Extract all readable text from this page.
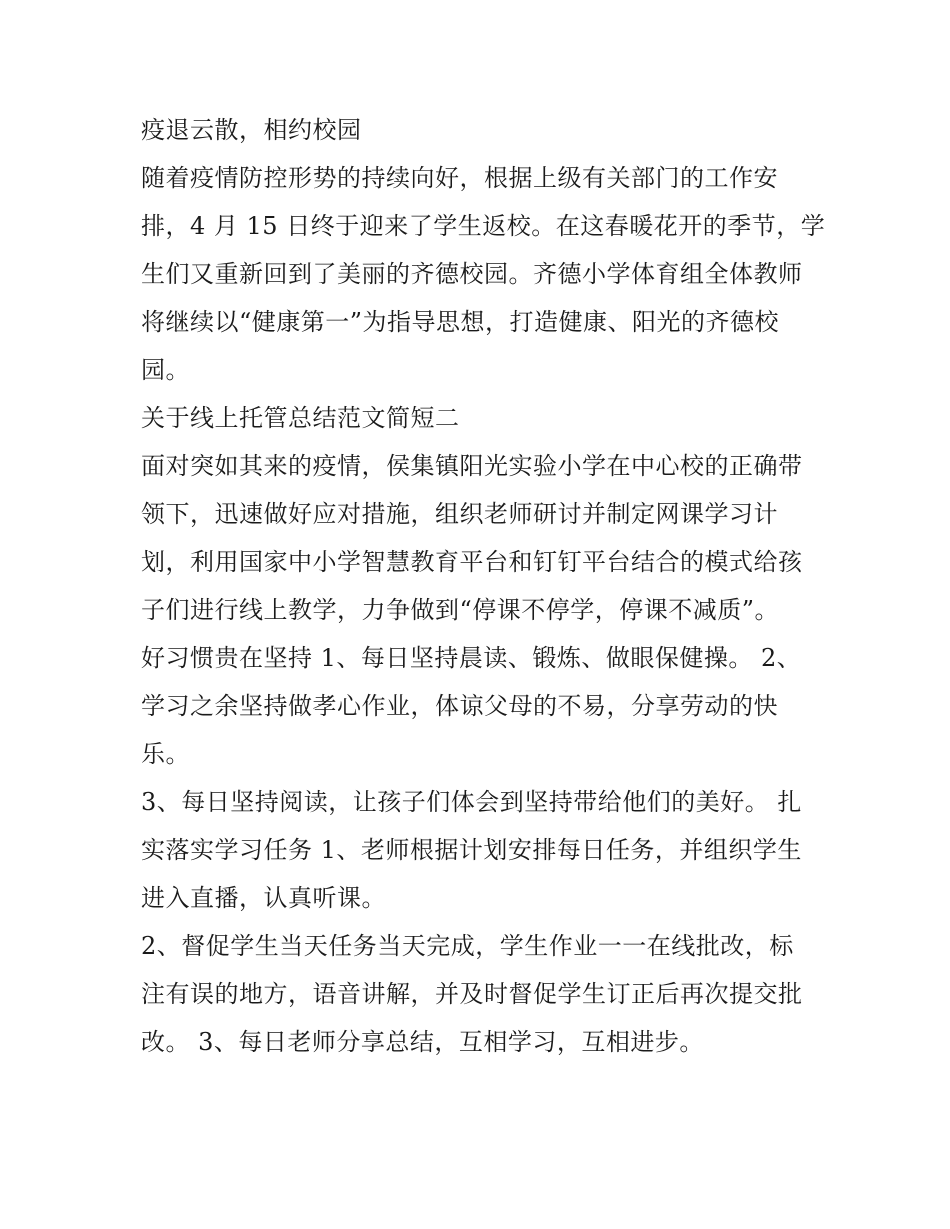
疫退云散，相约校园
随着疫情防控形势的持续向好，根据上级有关部门的工作安
排，4 月 15 日终于迎来了学生返校。在这春暖花开的季节，学
生们又重新回到了美丽的齐德校园。齐德小学体育组全体教师
将继续以“健康第一”为指导思想，打造健康、阳光的齐德校
园。
关于线上托管总结范文简短二
面对突如其来的疫情，侯集镇阳光实验小学在中心校的正确带
领下，迅速做好应对措施，组织老师研讨并制定网课学习计
划，利用国家中小学智慧教育平台和钉钉平台结合的模式给孩
子们进行线上教学，力争做到“停课不停学，停课不减质”。
好习惯贵在坚持 1、每日坚持晨读、锻炼、做眼保健操。 2、
学习之余坚持做孝心作业，体谅父母的不易，分享劳动的快
乐。
3、每日坚持阅读，让孩子们体会到坚持带给他们的美好。 扎
实落实学习任务 1、老师根据计划安排每日任务，并组织学生
进入直播，认真听课。
2、督促学生当天任务当天完成，学生作业一一在线批改，标
注有误的地方，语音讲解，并及时督促学生订正后再次提交批
改。 3、每日老师分享总结，互相学习，互相进步。
